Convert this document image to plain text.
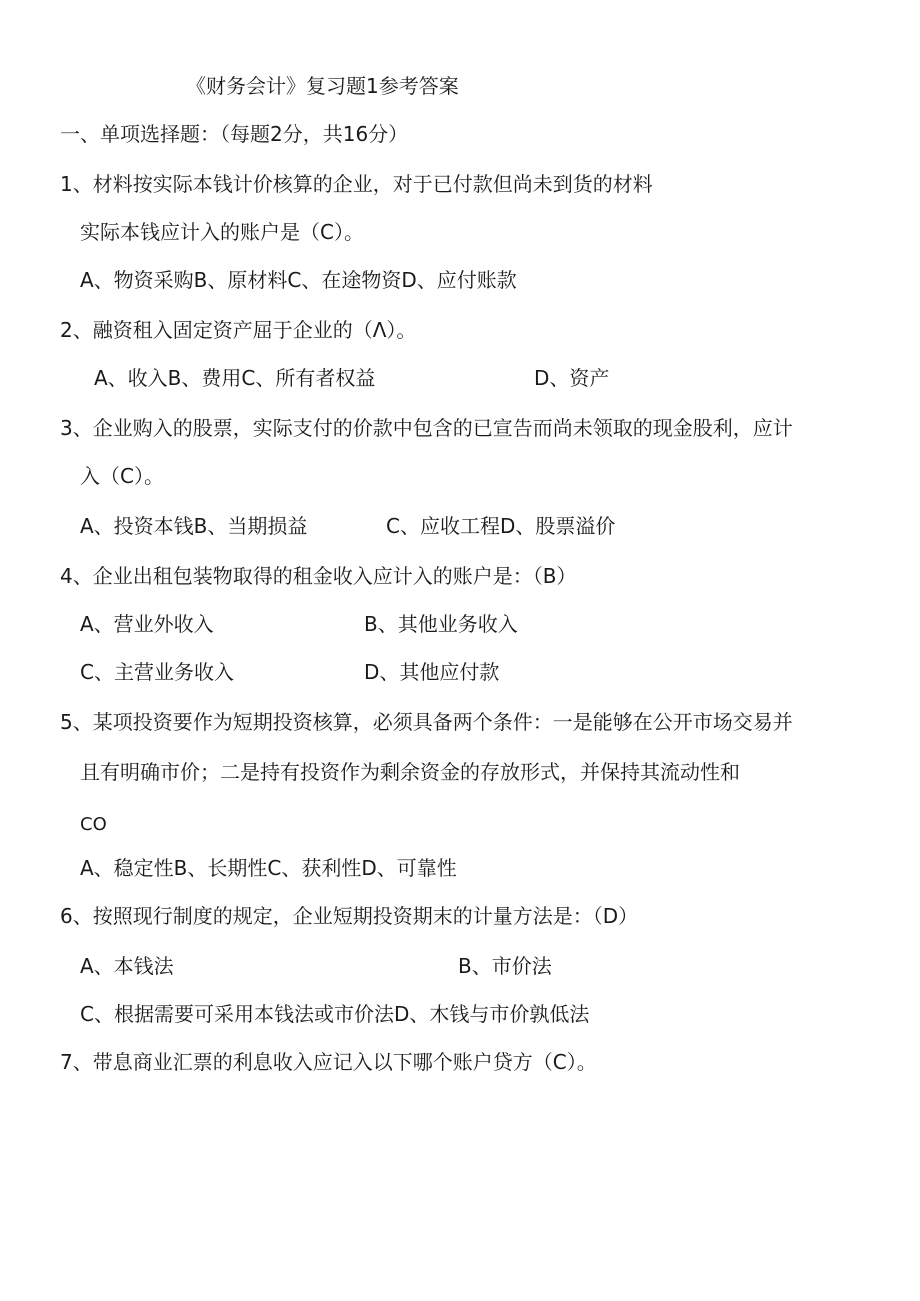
《财务会计》复习题1参考答案
一、单项选择题：（每题2分，共16分）
1、材料按实际本钱计价核算的企业，对于已付款但尚未到货的材料
实际本钱应计入的账户是（C）。
A、物资采购B、原材料C、在途物资D、应付账款
2、融资租入固定资产屈于企业的（Λ）。
A、收入B、费用C、所有者权益	D、资产
3、企业购入的股票，实际支付的价款中包含的已宣告而尚未领取的现金股利，应计
入（C）。
A、投资本钱B、当期损益	C、应收工程D、股票溢价
4、企业出租包装物取得的租金收入应计入的账户是：（B）
A、营业外收入	B、其他业务收入
C、主营业务收入	D、其他应付款
5、某项投资要作为短期投资核算，必须具备两个条件：一是能够在公开市场交易并
且有明确市价；二是持有投资作为剩余资金的存放形式，并保持其流动性和
CO
A、稳定性B、长期性C、获利性D、可靠性
6、按照现行制度的规定，企业短期投资期末的计量方法是：（D）
A、本钱法	B、市价法
C、根据需要可采用本钱法或市价法D、木钱与市价孰低法
7、带息商业汇票的利息收入应记入以下哪个账户贷方（C）。
